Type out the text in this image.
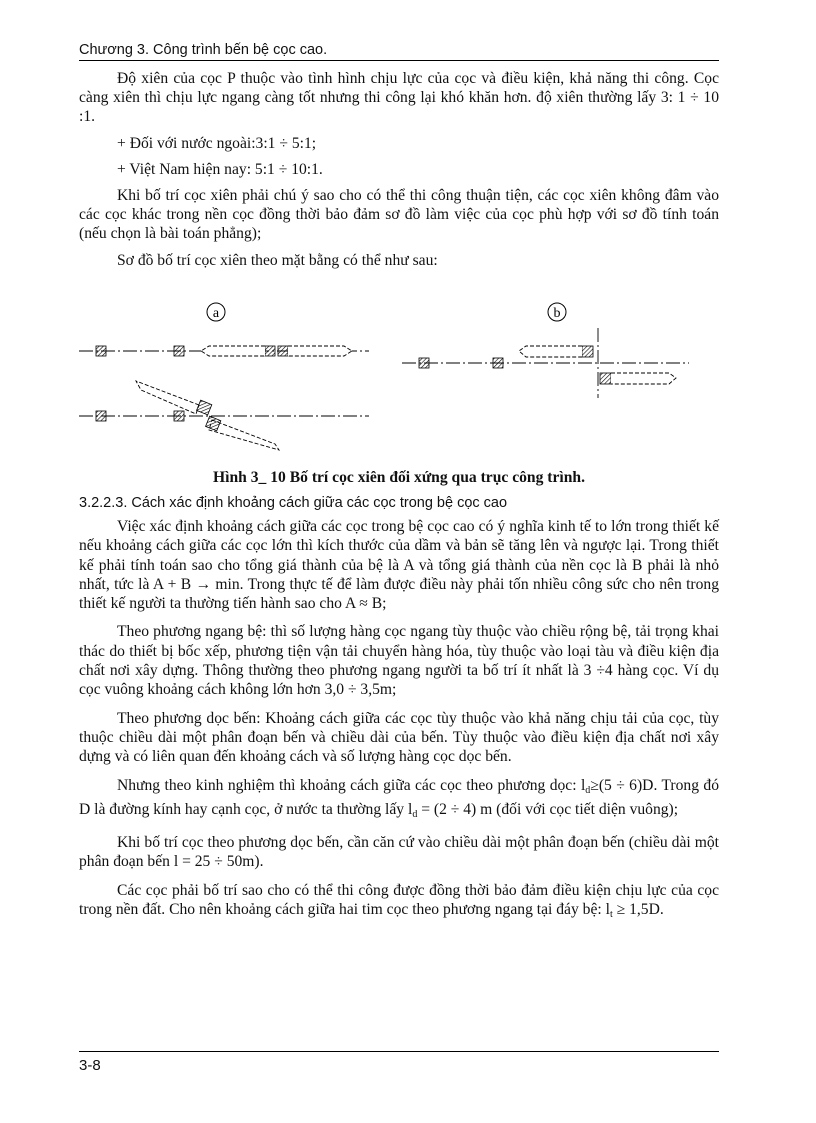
Chương 3. Công trình bến bệ cọc cao.

Độ xiên của cọc P thuộc vào tình hình chịu lực của cọc và điều kiện, khả năng thi công. Cọc càng xiên thì chịu lực ngang càng tốt nhưng thi công lại khó khăn hơn. độ xiên thường lấy 3: 1 ÷ 10 :1.

+ Đối với nước ngoài:3:1 ÷ 5:1;

+ Việt Nam hiện nay: 5:1 ÷ 10:1.

Khi bố trí cọc xiên phải chú ý sao cho có thể thi công thuận tiện, các cọc xiên không đâm vào các cọc khác trong nền cọc đồng thời bảo đảm sơ đồ làm việc của cọc phù hợp với sơ đồ tính toán (nếu chọn là bài toán phẳng);

Sơ đồ bố trí cọc xiên theo mặt bằng có thể như sau:

a	b
Hình 3_ 10 Bố trí cọc xiên đối xứng qua trục công trình.
3.2.2.3. Cách xác định khoảng cách giữa các cọc trong bệ cọc cao

Việc xác định khoảng cách giữa các cọc trong bệ cọc cao có ý nghĩa kinh tế to lớn trong thiết kế nếu khoảng cách giữa các cọc lớn thì kích thước của dầm và bản sẽ tăng lên và ngược lại. Trong thiết kế phải tính toán sao cho tổng giá thành của bệ là A và tổng giá thành của nền cọc là B phải là nhỏ nhất, tức là A + B → min. Trong thực tế để làm được điều này phải tốn nhiều công sức cho nên trong thiết kế người ta thường tiến hành sao cho A ≈ B;

Theo phương ngang bệ: thì số lượng hàng cọc ngang tùy thuộc vào chiều rộng bệ, tải trọng khai thác do thiết bị bốc xếp, phương tiện vận tải chuyển hàng hóa, tùy thuộc vào loại tàu và điều kiện địa chất nơi xây dựng. Thông thường theo phương ngang người ta bố trí ít nhất là 3 ÷4 hàng cọc. Ví dụ cọc vuông khoảng cách không lớn hơn 3,0 ÷ 3,5m;

Theo phương dọc bến: Khoảng cách giữa các cọc tùy thuộc vào khả năng chịu tải của cọc, tùy thuộc chiều dài một phân đoạn bến và chiều dài của bến. Tùy thuộc vào điều kiện địa chất nơi xây dựng và có liên quan đến khoảng cách và số lượng hàng cọc dọc bến.

Nhưng theo kinh nghiệm thì khoảng cách giữa các cọc theo phương dọc: $l_d\ge(5 \div 6)D$. Trong đó D là đường kính hay cạnh cọc, ở nước ta thường lấy $l_d = (2 \div 4)$ m (đối với cọc tiết diện vuông);

Khi bố trí cọc theo phương dọc bến, cần căn cứ vào chiều dài một phân đoạn bến (chiều dài một phân đoạn bến l = 25 ÷ 50m).

Các cọc phải bố trí sao cho có thể thi công được đồng thời bảo đảm điều kiện chịu lực của cọc trong nền đất. Cho nên khoảng cách giữa hai tim cọc theo phương ngang tại đáy bệ: $l_t \ge 1,5D$.

3-8
